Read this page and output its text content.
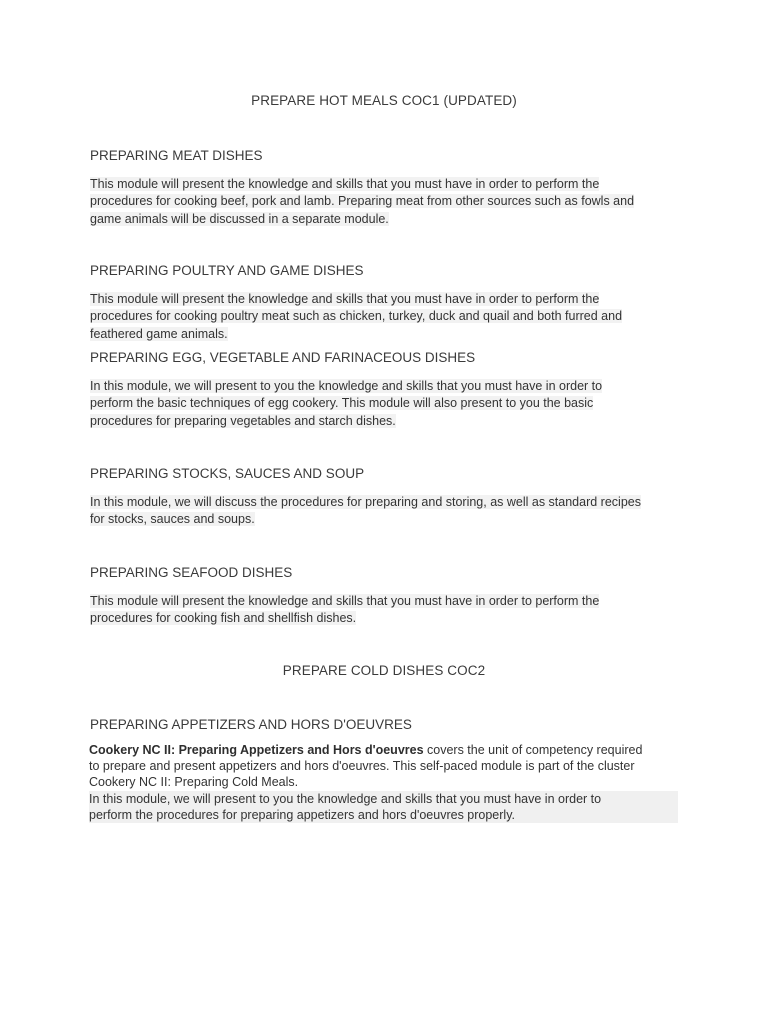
PREPARE HOT MEALS COC1 (UPDATED)
PREPARING MEAT DISHES
This module will present the knowledge and skills that you must have in order to perform the
procedures for cooking beef, pork and lamb. Preparing meat from other sources such as fowls and
game animals will be discussed in a separate module.
PREPARING POULTRY AND GAME DISHES
This module will present the knowledge and skills that you must have in order to perform the
procedures for cooking poultry meat such as chicken, turkey, duck and quail and both furred and
feathered game animals.
PREPARING EGG, VEGETABLE AND FARINACEOUS DISHES
In this module, we will present to you the knowledge and skills that you must have in order to
perform the basic techniques of egg cookery. This module will also present to you the basic
procedures for preparing vegetables and starch dishes.
PREPARING STOCKS, SAUCES AND SOUP
In this module, we will discuss the procedures for preparing and storing, as well as standard recipes
for stocks, sauces and soups.
PREPARING SEAFOOD DISHES
This module will present the knowledge and skills that you must have in order to perform the
procedures for cooking fish and shellfish dishes.
PREPARE COLD DISHES COC2
PREPARING APPETIZERS AND HORS D'OEUVRES
Cookery NC II: Preparing Appetizers and Hors d'oeuvres covers the unit of competency required
to prepare and present appetizers and hors d'oeuvres. This self-paced module is part of the cluster
Cookery NC II: Preparing Cold Meals.
In this module, we will present to you the knowledge and skills that you must have in order to
perform the procedures for preparing appetizers and hors d'oeuvres properly.
